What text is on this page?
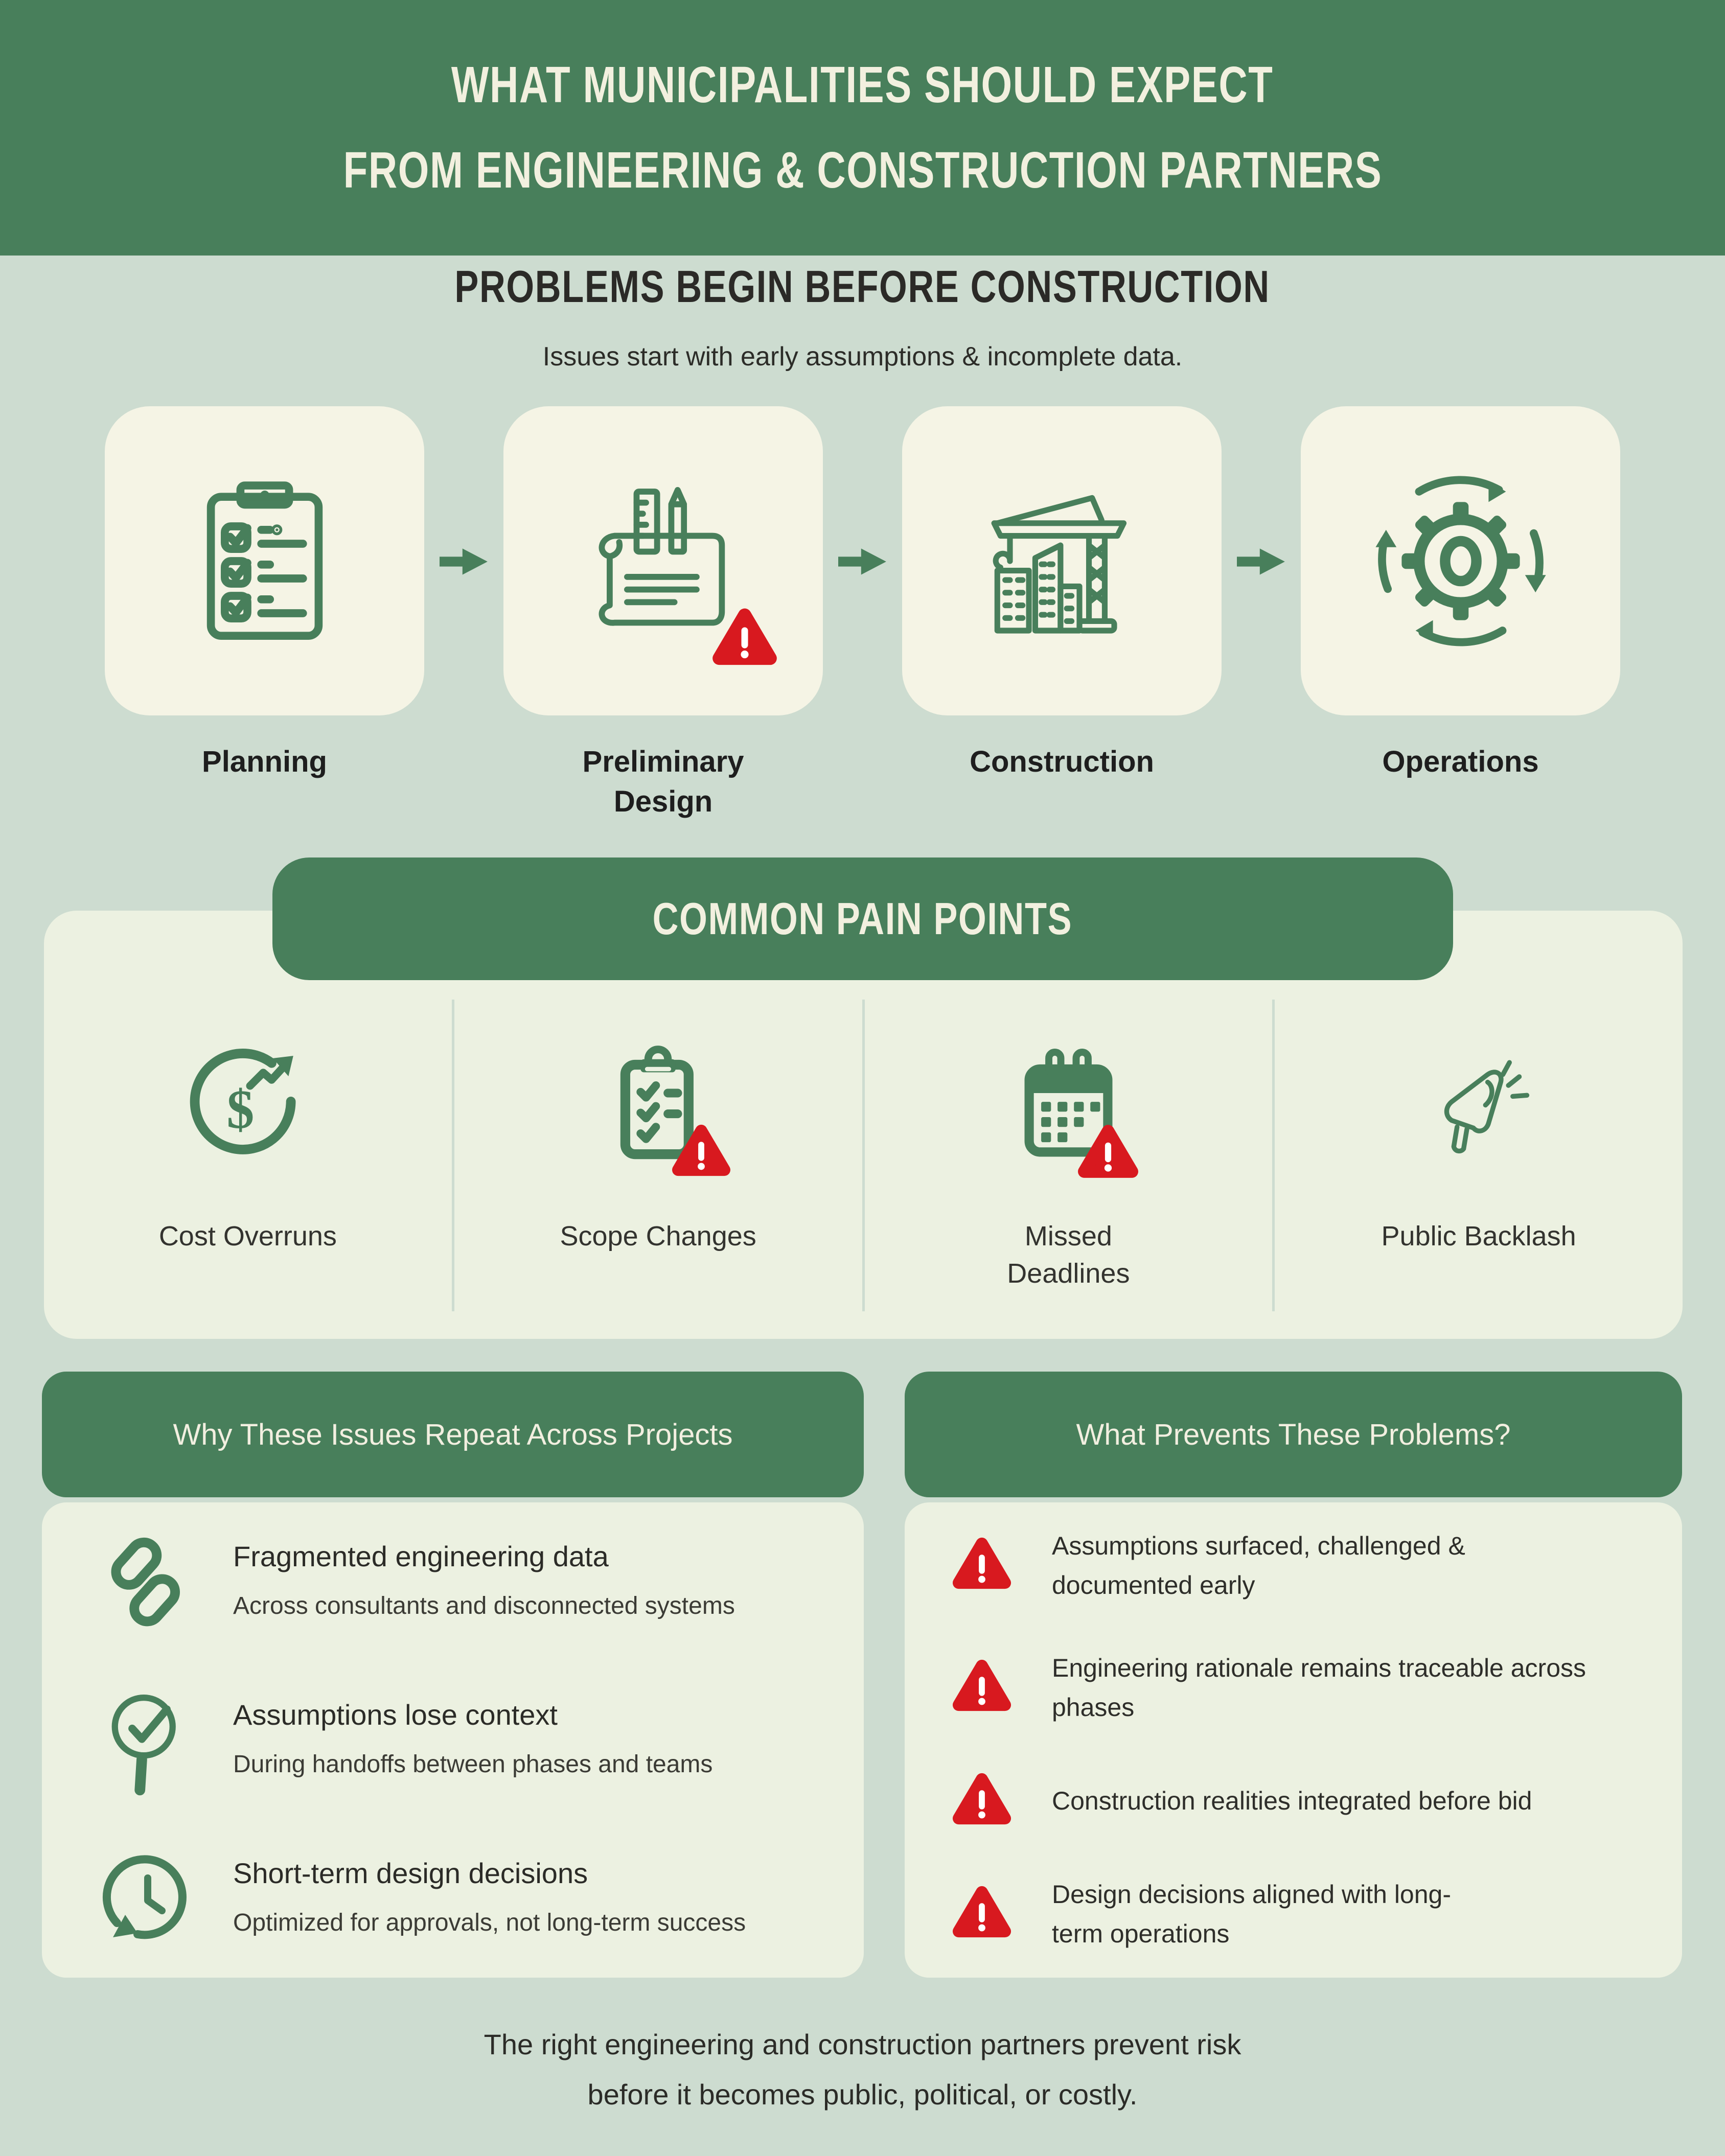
WHAT MUNICIPALITIES SHOULD EXPECT
FROM ENGINEERING & CONSTRUCTION PARTNERS
PROBLEMS BEGIN BEFORE CONSTRUCTION
Issues start with early assumptions & incomplete data.
Planning	Preliminary Design
Construction	Operations
COMMON PAIN POINTS
$
Cost Overruns	Scope Changes	Missed Deadlines
Public Backlash
Why These Issues Repeat Across Projects
Fragmented engineering data
Across consultants and disconnected systems
Assumptions lose context
During handoffs between phases and teams
Short-term design decisions
Optimized for approvals, not long-term success
What Prevents These Problems?
Assumptions surfaced, challenged & documented early
Engineering rationale remains traceable across phases
Construction realities integrated before bid
Design decisions aligned with long-term operations
The right engineering and construction partners prevent risk
before it becomes public, political, or costly.
